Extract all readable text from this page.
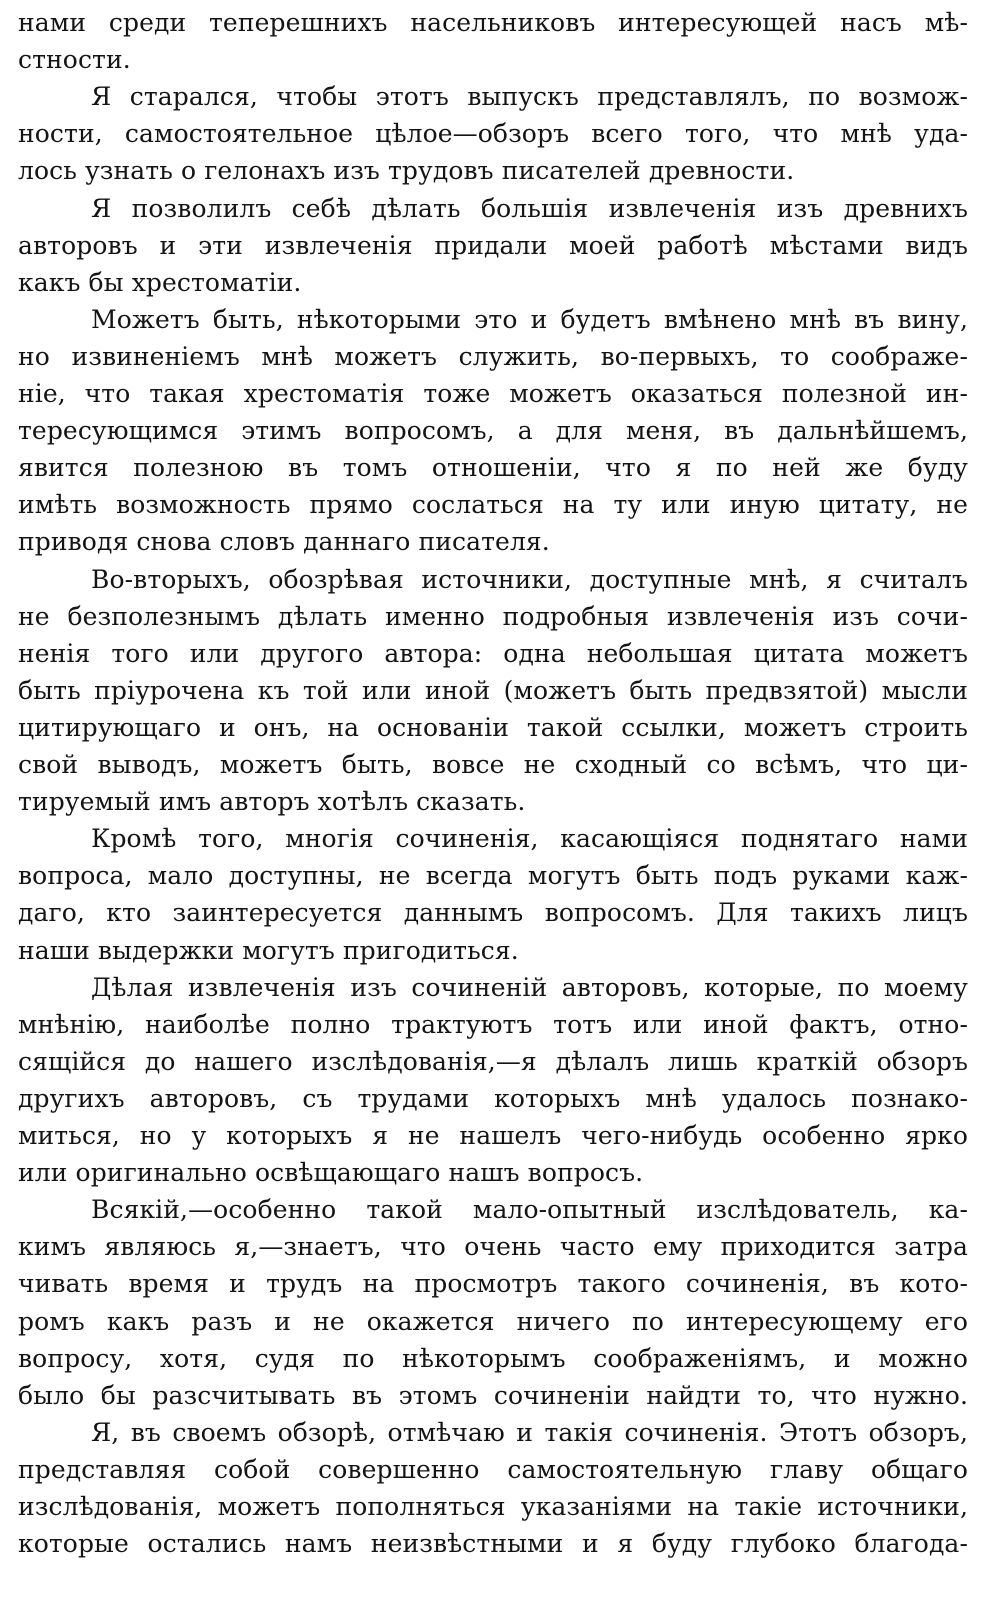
нами среди теперешнихъ насельниковъ интересующей насъ мѣ-
стности.
Я старался, чтобы этотъ выпускъ представлялъ, по возмож-
ности, самостоятельное цѣлое—обзоръ всего того, что мнѣ уда-
лось узнать о гелонахъ изъ трудовъ писателей древности.
Я позволилъ себѣ дѣлать большія извлеченія изъ древнихъ
авторовъ и эти извлеченія придали моей работѣ мѣстами видъ
какъ бы хрестоматіи.
Можетъ быть, нѣкоторыми это и будетъ вмѣнено мнѣ въ вину,
но извиненіемъ мнѣ можетъ служить, во-первыхъ, то соображе-
ніе, что такая хрестоматія тоже можетъ оказаться полезной ин-
тересующимся этимъ вопросомъ, а для меня, въ дальнѣйшемъ,
явится полезною въ томъ отношеніи, что я по ней же буду
имѣть возможность прямо сослаться на ту или иную цитату, не
приводя снова словъ даннаго писателя.
Во-вторыхъ, обозрѣвая источники, доступные мнѣ, я считалъ
не безполезнымъ дѣлать именно подробныя извлеченія изъ сочи-
ненія того или другого автора: одна небольшая цитата можетъ
быть пріурочена къ той или иной (можетъ быть предвзятой) мысли
цитирующаго и онъ, на основаніи такой ссылки, можетъ строить
свой выводъ, можетъ быть, вовсе не сходный со всѣмъ, что ци-
тируемый имъ авторъ хотѣлъ сказать.
Кромѣ того, многія сочиненія, касающіяся поднятаго нами
вопроса, мало доступны, не всегда могутъ быть подъ руками каж-
даго, кто заинтересуется даннымъ вопросомъ. Для такихъ лицъ
наши выдержки могутъ пригодиться.
Дѣлая извлеченія изъ сочиненій авторовъ, которые, по моему
мнѣнію, наиболѣе полно трактуютъ тотъ или иной фактъ, отно-
сящійся до нашего изслѣдованія,—я дѣлалъ лишь краткій обзоръ
другихъ авторовъ, съ трудами которыхъ мнѣ удалось познако-
миться, но у которыхъ я не нашелъ чего-нибудь особенно ярко
или оригинально освѣщающаго нашъ вопросъ.
Всякій,—особенно такой мало-опытный изслѣдователь, ка-
кимъ являюсь я,—знаетъ, что очень часто ему приходится затра
чивать время и трудъ на просмотръ такого сочиненія, въ кото-
ромъ какъ разъ и не окажется ничего по интересующему его
вопросу, хотя, судя по нѣкоторымъ соображеніямъ, и можно
было бы разсчитывать въ этомъ сочиненіи найдти то, что нужно.
Я, въ своемъ обзорѣ, отмѣчаю и такія сочиненія. Этотъ обзоръ,
представляя собой совершенно самостоятельную главу общаго
изслѣдованія, можетъ пополняться указаніями на такіе источники,
которые остались намъ неизвѣстными и я буду глубоко благода-
